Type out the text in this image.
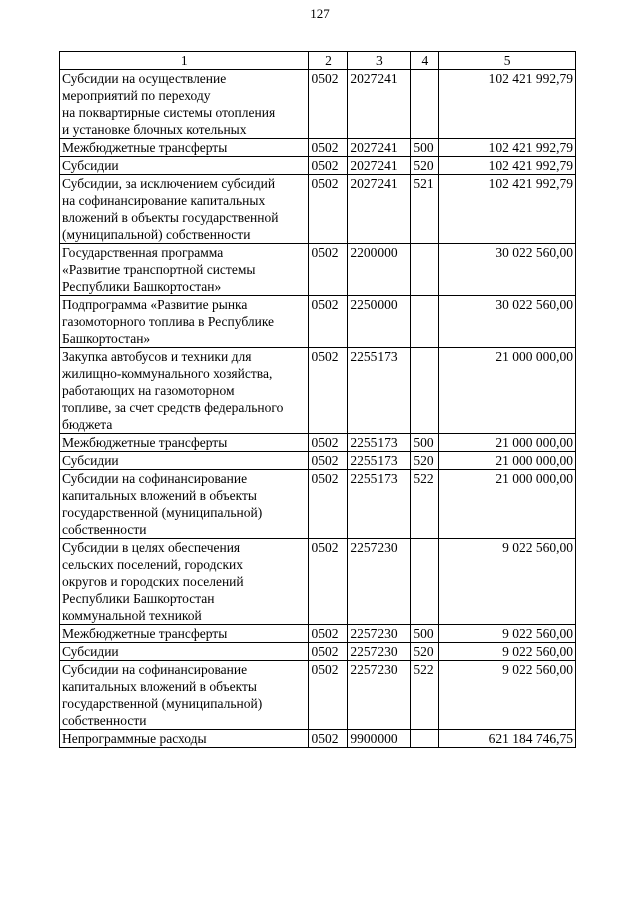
127
1	2	3	4	5
Субсидии на осуществление
мероприятий по переходу
на поквартирные системы отопления
и установке блочных котельных	0502	2027241		102 421 992,79
Межбюджетные трансферты	0502	2027241	500	102 421 992,79
Субсидии	0502	2027241	520	102 421 992,79
Субсидии, за исключением субсидий
на софинансирование капитальных
вложений в объекты государственной
(муниципальной) собственности	0502	2027241	521	102 421 992,79
Государственная программа
«Развитие транспортной системы
Республики Башкортостан»	0502	2200000		30 022 560,00
Подпрограмма «Развитие рынка
газомоторного топлива в Республике
Башкортостан»	0502	2250000		30 022 560,00
Закупка автобусов и техники для
жилищно-коммунального хозяйства,
работающих на газомоторном
топливе, за счет средств федерального
бюджета	0502	2255173		21 000 000,00
Межбюджетные трансферты	0502	2255173	500	21 000 000,00
Субсидии	0502	2255173	520	21 000 000,00
Субсидии на софинансирование
капитальных вложений в объекты
государственной (муниципальной)
собственности	0502	2255173	522	21 000 000,00
Субсидии в целях обеспечения
сельских поселений, городских
округов и городских поселений
Республики Башкортостан
коммунальной техникой	0502	2257230		9 022 560,00
Межбюджетные трансферты	0502	2257230	500	9 022 560,00
Субсидии	0502	2257230	520	9 022 560,00
Субсидии на софинансирование
капитальных вложений в объекты
государственной (муниципальной)
собственности	0502	2257230	522	9 022 560,00
Непрограммные расходы	0502	9900000		621 184 746,75
